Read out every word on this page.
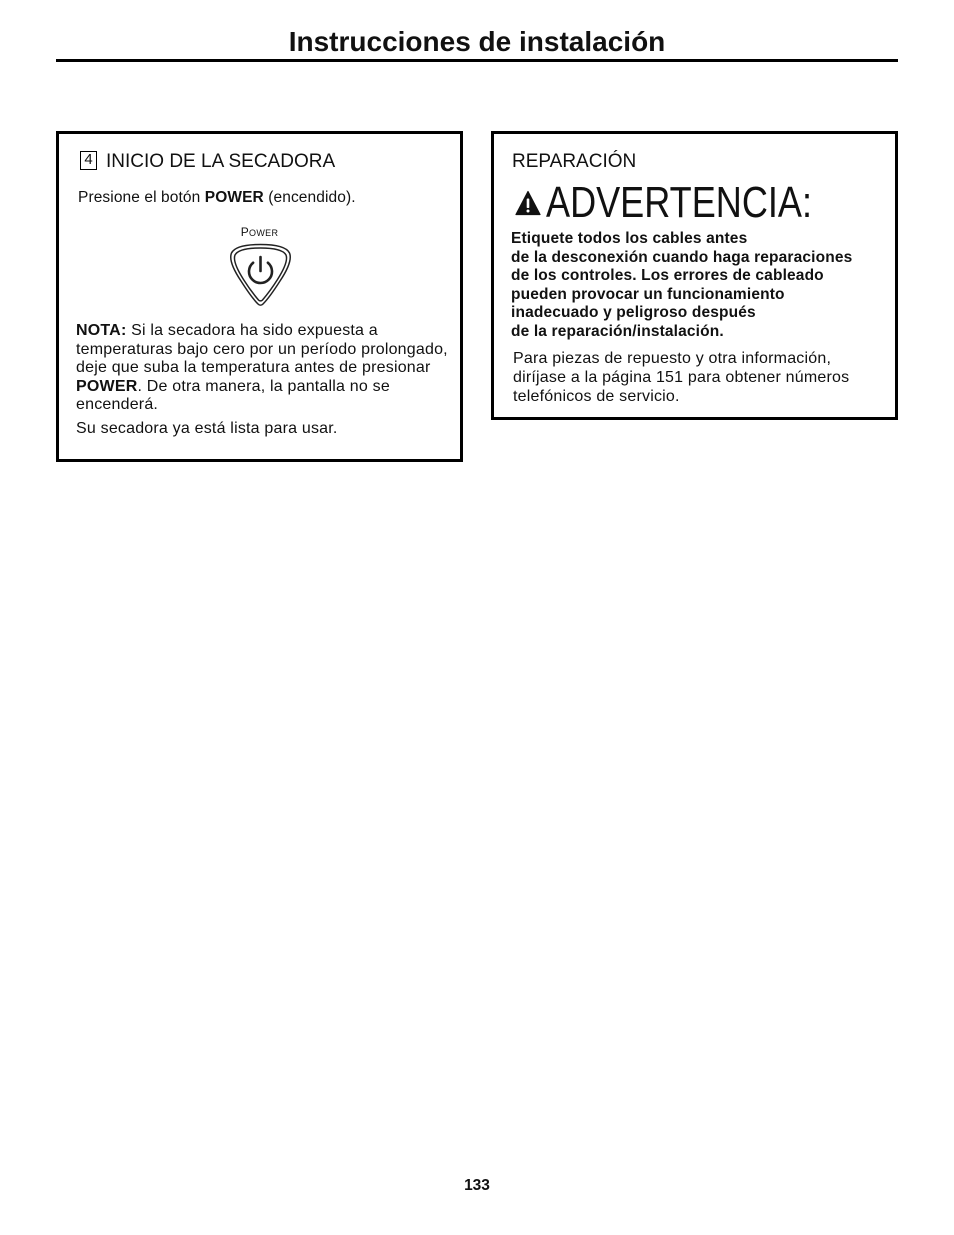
Instrucciones de instalación
4 INICIO DE LA SECADORA
Presione el botón POWER (encendido).
POWER
NOTA: Si la secadora ha sido expuesta a
temperaturas bajo cero por un período prolongado,
deje que suba la temperatura antes de presionar
POWER. De otra manera, la pantalla no se
encenderá.
Su secadora ya está lista para usar.
REPARACIÓN
ADVERTENCIA:
Etiquete todos los cables antes
de la desconexión cuando haga reparaciones
de los controles. Los errores de cableado
pueden provocar un funcionamiento
inadecuado y peligroso después
de la reparación/instalación.
Para piezas de repuesto y otra información,
diríjase a la página 151 para obtener números
telefónicos de servicio.
133
